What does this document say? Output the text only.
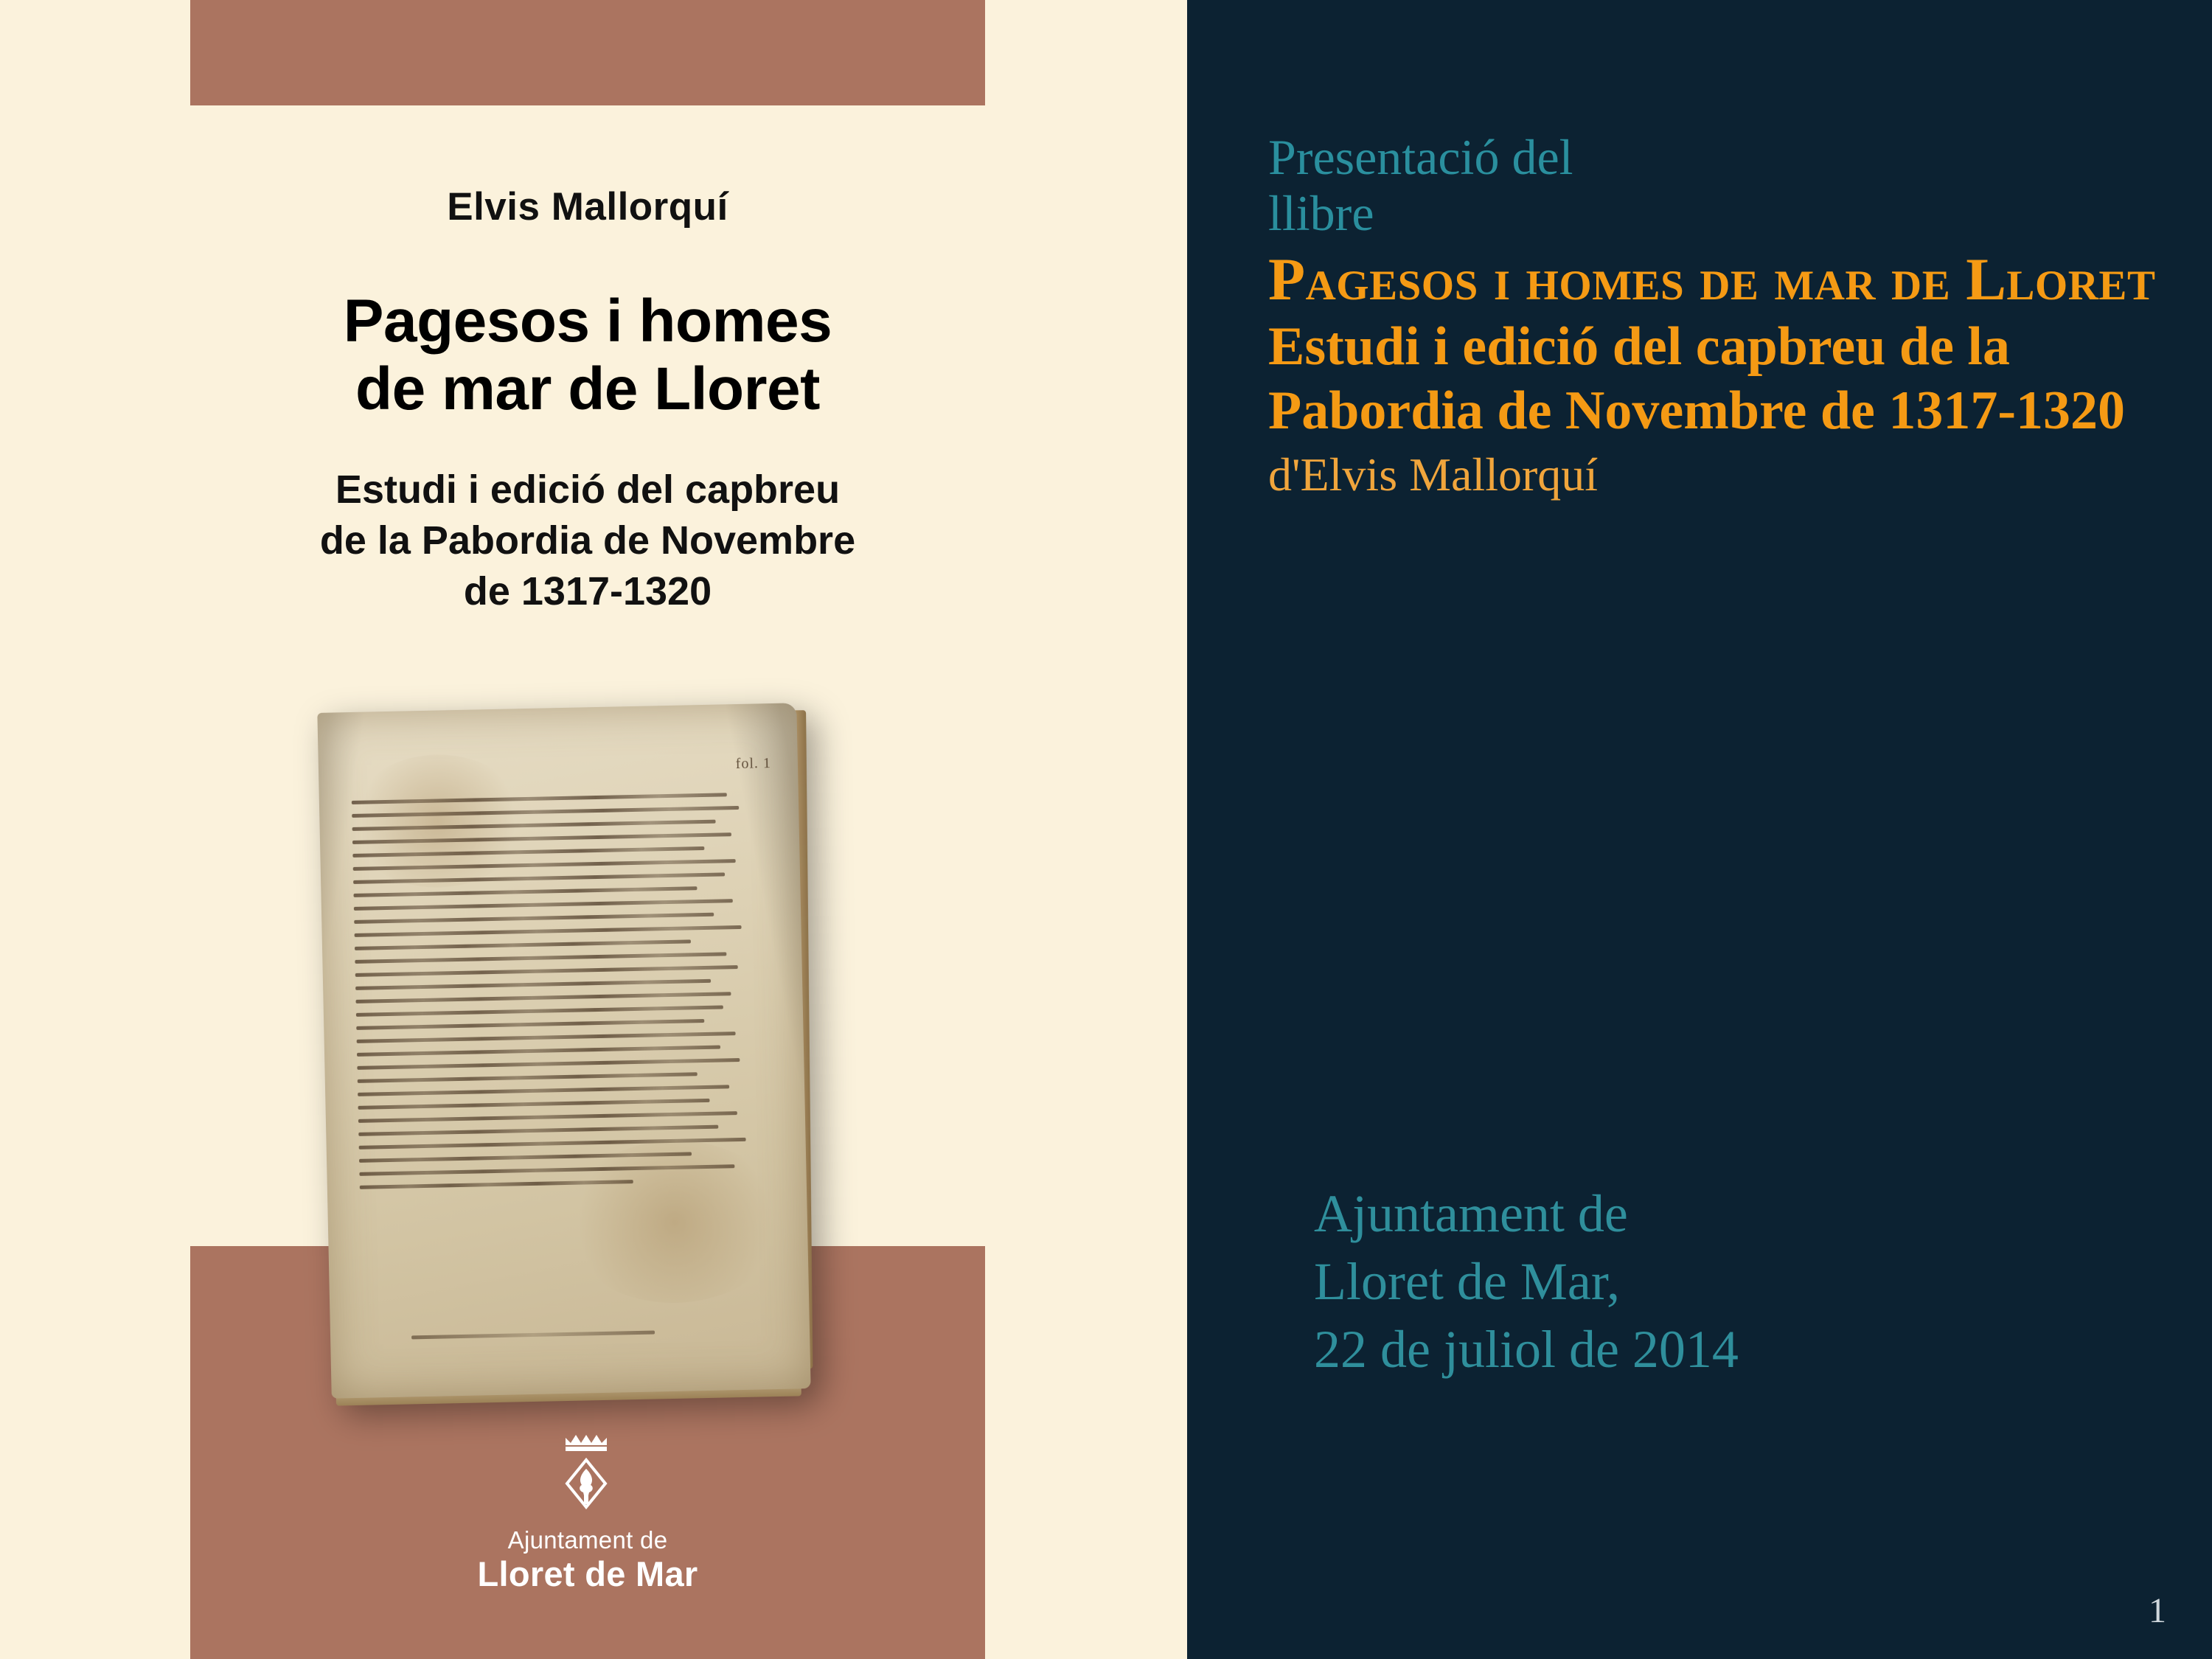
Elvis Mallorquí
Pagesos i homes
de mar de Lloret
Estudi i edició del capbreu
de la Pabordia de Novembre
de 1317-1320
fol. 1
Ajuntament de
Lloret de Mar
Presentació del
llibre
Pagesos i homes de mar de Lloret
Estudi i edició del capbreu de la Pabordia de Novembre de 1317-1320
d'Elvis Mallorquí
Ajuntament de
Lloret de Mar,
22 de juliol de 2014
1
